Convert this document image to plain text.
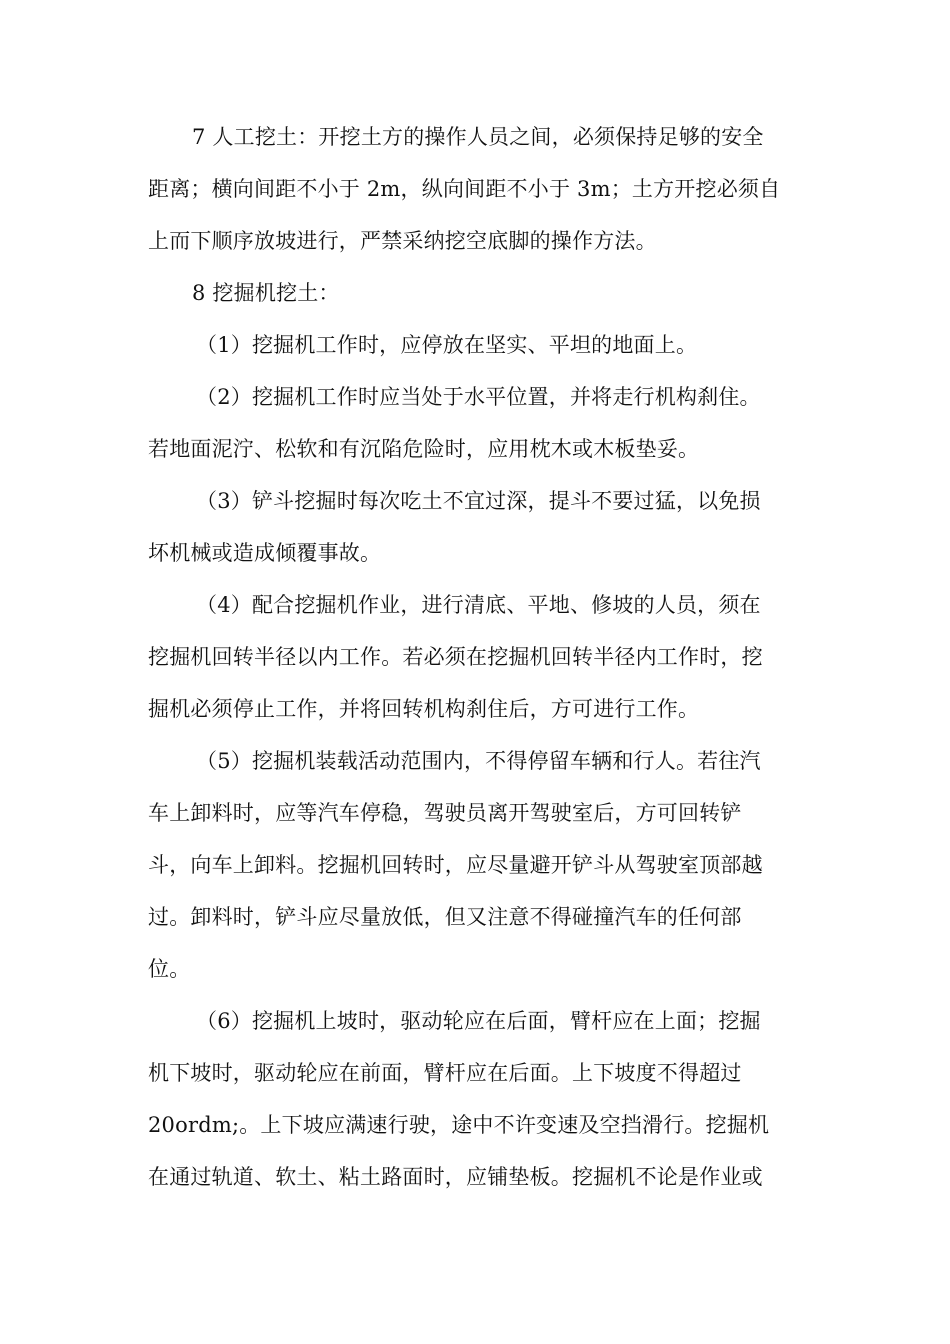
7 人工挖土：开挖土方的操作人员之间，必须保持足够的安全
距离；横向间距不小于 2m，纵向间距不小于 3m；土方开挖必须自
上而下顺序放坡进行，严禁采纳挖空底脚的操作方法。
8 挖掘机挖土：
（1）挖掘机工作时，应停放在坚实、平坦的地面上。
（2）挖掘机工作时应当处于水平位置，并将走行机构刹住。
若地面泥泞、松软和有沉陷危险时，应用枕木或木板垫妥。
（3）铲斗挖掘时每次吃土不宜过深，提斗不要过猛，以免损
坏机械或造成倾覆事故。
（4）配合挖掘机作业，进行清底、平地、修坡的人员，须在
挖掘机回转半径以内工作。若必须在挖掘机回转半径内工作时，挖
掘机必须停止工作，并将回转机构刹住后，方可进行工作。
（5）挖掘机装载活动范围内，不得停留车辆和行人。若往汽
车上卸料时，应等汽车停稳，驾驶员离开驾驶室后，方可回转铲
斗，向车上卸料。挖掘机回转时，应尽量避开铲斗从驾驶室顶部越
过。卸料时，铲斗应尽量放低，但又注意不得碰撞汽车的任何部
位。
（6）挖掘机上坡时，驱动轮应在后面，臂杆应在上面；挖掘
机下坡时，驱动轮应在前面，臂杆应在后面。上下坡度不得超过
20ordm;。上下坡应满速行驶，途中不许变速及空挡滑行。挖掘机
在通过轨道、软土、粘土路面时，应铺垫板。挖掘机不论是作业或
